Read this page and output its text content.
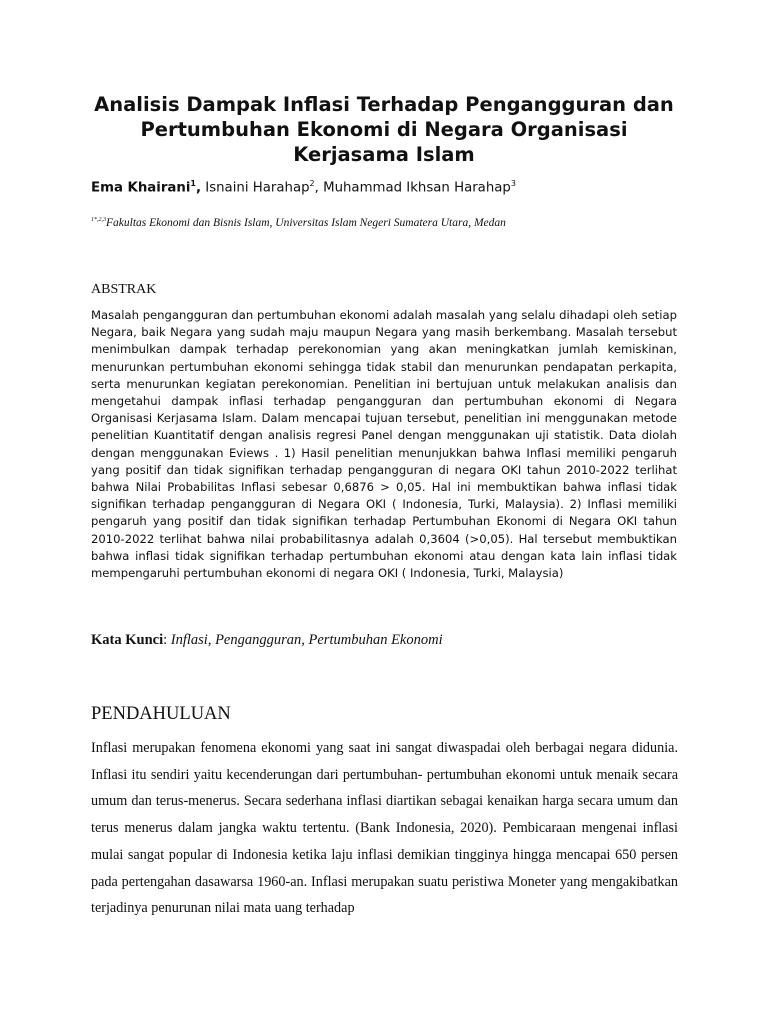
Analisis Dampak Inflasi Terhadap Pengangguran dan Pertumbuhan Ekonomi di Negara Organisasi Kerjasama Islam
Ema Khairani$^1$, Isnaini Harahap$^2$, Muhammad Ikhsan Harahap$^3$
$^{1*,2,3}$Fakultas Ekonomi dan Bisnis Islam, Universitas Islam Negeri Sumatera Utara, Medan
ABSTRAK
Masalah pengangguran dan pertumbuhan ekonomi adalah masalah yang selalu dihadapi oleh setiap Negara, baik Negara yang sudah maju maupun Negara yang masih berkembang. Masalah tersebut menimbulkan dampak terhadap perekonomian yang akan meningkatkan jumlah kemiskinan, menurunkan pertumbuhan ekonomi sehingga tidak stabil dan menurunkan pendapatan perkapita, serta menurunkan kegiatan perekonomian. Penelitian ini bertujuan untuk melakukan analisis dan mengetahui dampak inflasi terhadap pengangguran dan pertumbuhan ekonomi di Negara Organisasi Kerjasama Islam. Dalam mencapai tujuan tersebut, penelitian ini menggunakan metode penelitian Kuantitatif dengan analisis regresi Panel dengan menggunakan uji statistik. Data diolah dengan menggunakan Eviews . 1) Hasil penelitian menunjukkan bahwa Inflasi memiliki pengaruh yang positif dan tidak signifikan terhadap pengangguran di negara OKI tahun 2010-2022 terlihat bahwa Nilai Probabilitas Inflasi sebesar 0,6876 > 0,05. Hal ini membuktikan bahwa inflasi tidak signifikan terhadap pengangguran di Negara OKI ( Indonesia, Turki, Malaysia). 2) Inflasi memiliki pengaruh yang positif dan tidak signifikan terhadap Pertumbuhan Ekonomi di Negara OKI tahun 2010-2022 terlihat bahwa nilai probabilitasnya adalah 0,3604 (>0,05). Hal tersebut membuktikan bahwa inflasi tidak signifikan terhadap pertumbuhan ekonomi atau dengan kata lain inflasi tidak mempengaruhi pertumbuhan ekonomi di negara OKI ( Indonesia, Turki, Malaysia)
Kata Kunci: Inflasi, Pengangguran, Pertumbuhan Ekonomi
PENDAHULUAN

Inflasi merupakan fenomena ekonomi yang saat ini sangat diwaspadai oleh berbagai negara didunia. Inflasi itu sendiri yaitu kecenderungan dari pertumbuhan- pertumbuhan ekonomi untuk menaik secara umum dan terus-menerus. Secara sederhana inflasi diartikan sebagai kenaikan harga secara umum dan terus menerus dalam jangka waktu tertentu. (Bank Indonesia, 2020). Pembicaraan mengenai inflasi mulai sangat popular di Indonesia ketika laju inflasi demikian tingginya hingga mencapai 650 persen pada pertengahan dasawarsa 1960-an. Inflasi merupakan suatu peristiwa Moneter yang mengakibatkan terjadinya penurunan nilai mata uang terhadap
